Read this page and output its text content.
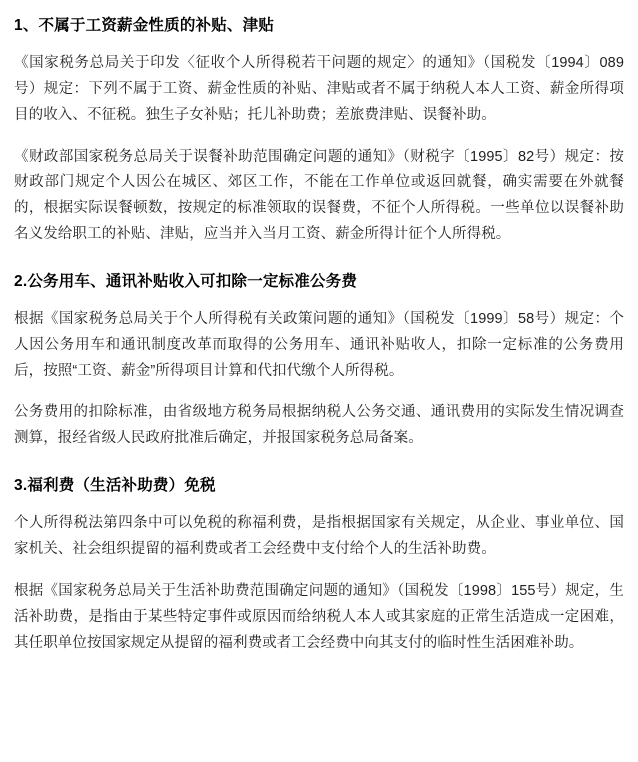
1、不属于工资薪金性质的补贴、津贴

《国家税务总局关于印发〈征收个人所得税若干问题的规定〉的通知》（国税发〔1994〕089号）规定：下列不属于工资、薪金性质的补贴、津贴或者不属于纳税人本人工资、薪金所得项目的收入、不征税。独生子女补贴；托儿补助费；差旅费津贴、误餐补助。

《财政部国家税务总局关于误餐补助范围确定问题的通知》（财税字〔1995〕82号）规定：按财政部门规定个人因公在城区、郊区工作，不能在工作单位或返回就餐，确实需要在外就餐的，根据实际误餐顿数，按规定的标准领取的误餐费，不征个人所得税。一些单位以误餐补助名义发给职工的补贴、津贴，应当并入当月工资、薪金所得计征个人所得税。

2.公务用车、通讯补贴收入可扣除一定标准公务费

根据《国家税务总局关于个人所得税有关政策问题的通知》（国税发〔1999〕58号）规定：个人因公务用车和通讯制度改革而取得的公务用车、通讯补贴收人，扣除一定标准的公务费用后，按照“工资、薪金”所得项目计算和代扣代缴个人所得税。

公务费用的扣除标准，由省级地方税务局根据纳税人公务交通、通讯费用的实际发生情况调查测算，报经省级人民政府批准后确定，并报国家税务总局备案。

3.福利费（生活补助费）免税

个人所得税法第四条中可以免税的称福利费，是指根据国家有关规定，从企业、事业单位、国家机关、社会组织提留的福利费或者工会经费中支付给个人的生活补助费。

根据《国家税务总局关于生活补助费范围确定问题的通知》（国税发〔1998〕155号）规定，生活补助费，是指由于某些特定事件或原因而给纳税人本人或其家庭的正常生活造成一定困难，其任职单位按国家规定从提留的福利费或者工会经费中向其支付的临时性生活困难补助。
